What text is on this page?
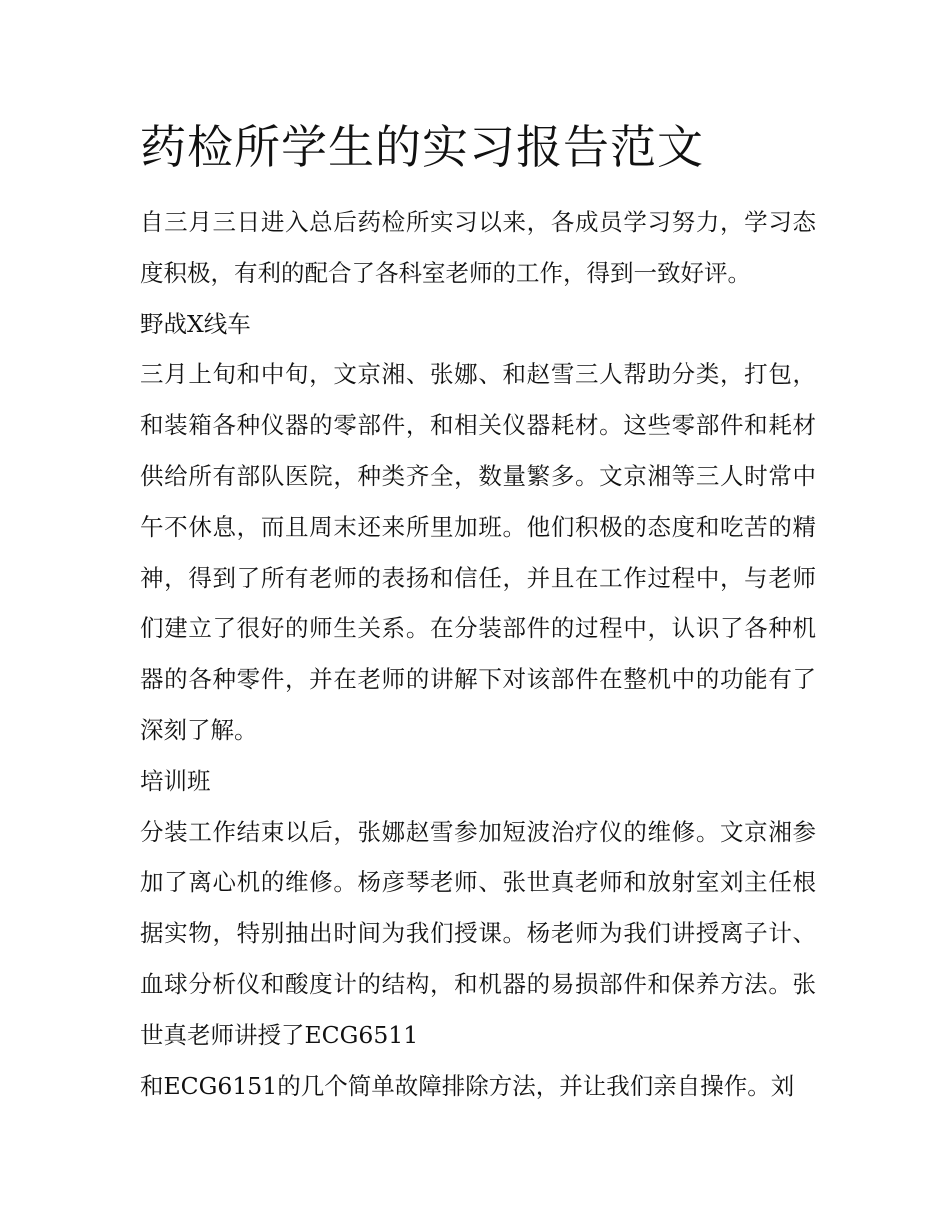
药检所学生的实习报告范文

自三月三日进入总后药检所实习以来，各成员学习努力，学习态度积极，有利的配合了各科室老师的工作，得到一致好评。

野战X线车

三月上旬和中旬，文京湘、张娜、和赵雪三人帮助分类，打包，和装箱各种仪器的零部件，和相关仪器耗材。这些零部件和耗材供给所有部队医院，种类齐全，数量繁多。文京湘等三人时常中午不休息，而且周末还来所里加班。他们积极的态度和吃苦的精神，得到了所有老师的表扬和信任，并且在工作过程中，与老师们建立了很好的师生关系。在分装部件的过程中，认识了各种机器的各种零件，并在老师的讲解下对该部件在整机中的功能有了深刻了解。

培训班

分装工作结束以后，张娜赵雪参加短波治疗仪的维修。文京湘参加了离心机的维修。杨彦琴老师、张世真老师和放射室刘主任根据实物，特别抽出时间为我们授课。杨老师为我们讲授离子计、血球分析仪和酸度计的结构，和机器的易损部件和保养方法。张世真老师讲授了ECG6511

和ECG6151的几个简单故障排除方法，并让我们亲自操作。刘
